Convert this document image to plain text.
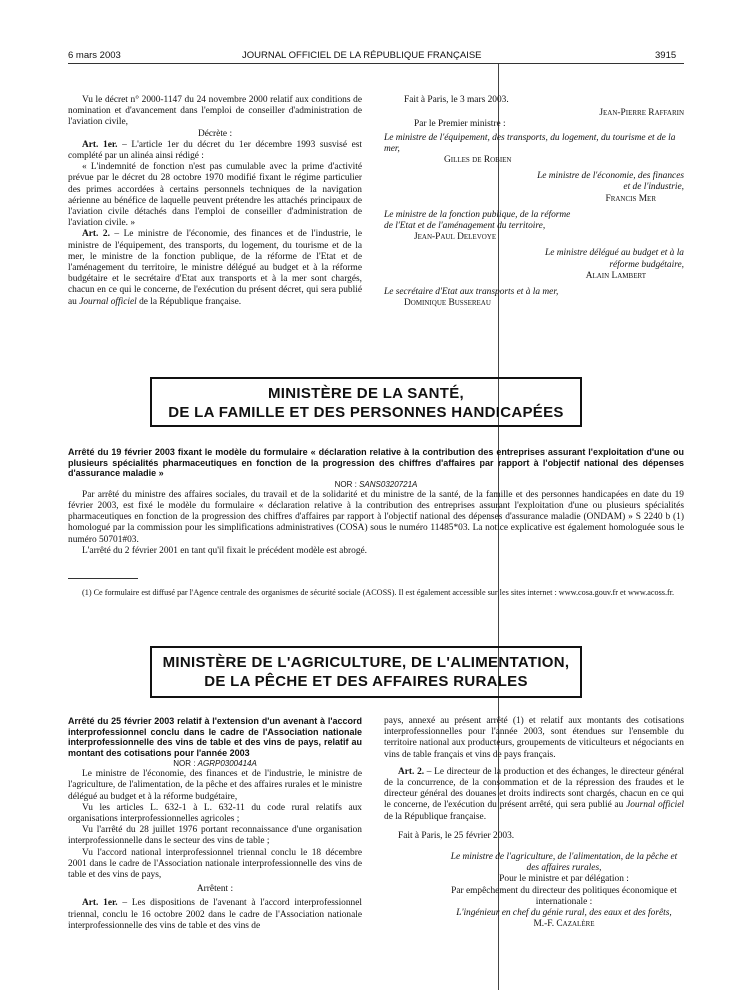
6 mars 2003	JOURNAL OFFICIEL DE LA RÉPUBLIQUE FRANÇAISE	3915

Vu le décret n° 2000-1147 du 24 novembre 2000 relatif aux conditions de nomination et d'avancement dans l'emploi de conseiller d'administration de l'aviation civile,

Décrète :

Art. 1er. – L'article 1er du décret du 1er décembre 1993 susvisé est complété par un alinéa ainsi rédigé :

« L'indemnité de fonction n'est pas cumulable avec la prime d'activité prévue par le décret du 28 octobre 1970 modifié fixant le régime particulier des primes accordées à certains personnels techniques de la navigation aérienne au bénéfice de laquelle peuvent prétendre les attachés principaux de l'aviation civile détachés dans l'emploi de conseiller d'administration de l'aviation civile. »

Art. 2. – Le ministre de l'économie, des finances et de l'industrie, le ministre de l'équipement, des transports, du logement, du tourisme et de la mer, le ministre de la fonction publique, de la réforme de l'Etat et de l'aménagement du territoire, le ministre délégué au budget et à la réforme budgétaire et le secrétaire d'Etat aux transports et à la mer sont chargés, chacun en ce qui le concerne, de l'exécution du présent décret, qui sera publié au Journal officiel de la République française.

Fait à Paris, le 3 mars 2003.

Jean-Pierre Raffarin

Par le Premier ministre :

Le ministre de l'équipement, des transports, du logement, du tourisme et de la mer,

Gilles de Robien

Le ministre de l'économie, des finances et de l'industrie,

Francis Mer

Le ministre de la fonction publique, de la réforme de l'Etat et de l'aménagement du territoire,

Jean-Paul Delevoye

Le ministre délégué au budget et à la réforme budgétaire,

Alain Lambert

Le secrétaire d'Etat aux transports et à la mer,

Dominique Bussereau

MINISTÈRE DE LA SANTÉ,
DE LA FAMILLE ET DES PERSONNES HANDICAPÉES

Arrêté du 19 février 2003 fixant le modèle du formulaire « déclaration relative à la contribution des entreprises assurant l'exploitation d'une ou plusieurs spécialités pharmaceutiques en fonction de la progression des chiffres d'affaires par rapport à l'objectif national des dépenses d'assurance maladie »

NOR : SANS0320721A

Par arrêté du ministre des affaires sociales, du travail et de la solidarité et du ministre de la santé, de la famille et des personnes handicapées en date du 19 février 2003, est fixé le modèle du formulaire « déclaration relative à la contribution des entreprises assurant l'exploitation d'une ou plusieurs spécialités pharmaceutiques en fonction de la progression des chiffres d'affaires par rapport à l'objectif national des dépenses d'assurance maladie (ONDAM) » S 2240 b (1) homologué par la commission pour les simplifications administratives (COSA) sous le numéro 11485*03. La notice explicative est également homologuée sous le numéro 50701#03.

L'arrêté du 2 février 2001 en tant qu'il fixait le précédent modèle est abrogé.

(1) Ce formulaire est diffusé par l'Agence centrale des organismes de sécurité sociale (ACOSS). Il est également accessible sur les sites internet : www.cosa.gouv.fr et www.acoss.fr.

MINISTÈRE DE L'AGRICULTURE, DE L'ALIMENTATION,
DE LA PÊCHE ET DES AFFAIRES RURALES

Arrêté du 25 février 2003 relatif à l'extension d'un avenant à l'accord interprofessionnel conclu dans le cadre de l'Association nationale interprofessionnelle des vins de table et des vins de pays, relatif au montant des cotisations pour l'année 2003

NOR : AGRP0300414A

Le ministre de l'économie, des finances et de l'industrie, le ministre de l'agriculture, de l'alimentation, de la pêche et des affaires rurales et le ministre délégué au budget et à la réforme budgétaire,

Vu les articles L. 632-1 à L. 632-11 du code rural relatifs aux organisations interprofessionnelles agricoles ;

Vu l'arrêté du 28 juillet 1976 portant reconnaissance d'une organisation interprofessionnelle dans le secteur des vins de table ;

Vu l'accord national interprofessionnel triennal conclu le 18 décembre 2001 dans le cadre de l'Association nationale interprofessionnelle des vins de table et des vins de pays,

Arrêtent :

Art. 1er. – Les dispositions de l'avenant à l'accord interprofessionnel triennal, conclu le 16 octobre 2002 dans le cadre de l'Association nationale interprofessionnelle des vins de table et des vins de

pays, annexé au présent arrêté (1) et relatif aux montants des cotisations interprofessionnelles pour l'année 2003, sont étendues sur l'ensemble du territoire national aux producteurs, groupements de viticulteurs et négociants en vins de table français et vins de pays français.

Art. 2. – Le directeur de la production et des échanges, le directeur général de la concurrence, de la consommation et de la répression des fraudes et le directeur général des douanes et droits indirects sont chargés, chacun en ce qui le concerne, de l'exécution du présent arrêté, qui sera publié au Journal officiel de la République française.

Fait à Paris, le 25 février 2003.

Le ministre de l'agriculture, de l'alimentation, de la pêche et des affaires rurales,
Pour le ministre et par délégation :
Par empêchement du directeur des politiques économique et internationale :
L'ingénieur en chef du génie rural, des eaux et des forêts,
M.-F. Cazalère
